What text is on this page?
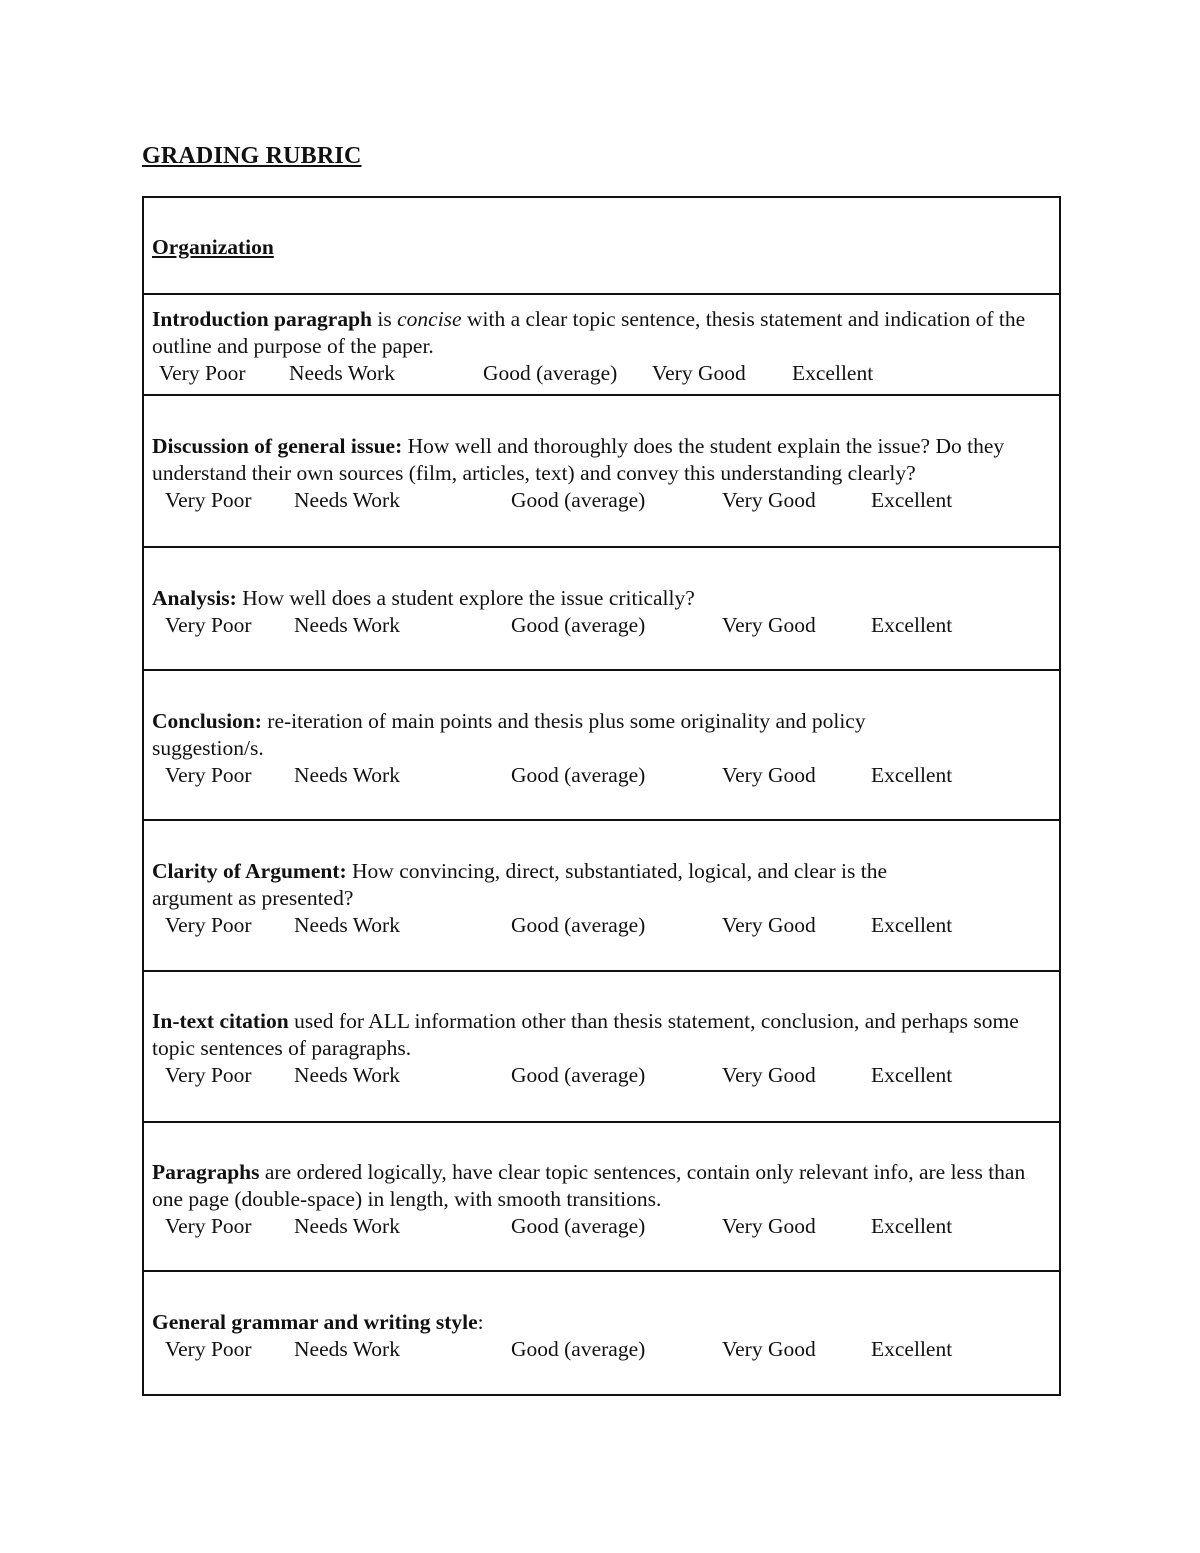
GRADING RUBRIC
Organization
Introduction paragraph is concise with a clear topic sentence, thesis statement and indication of the outline and purpose of the paper.
Very Poor Needs Work	Good (average) Very Good Excellent
Discussion of general issue: How well and thoroughly does the student explain the issue? Do they understand their own sources (film, articles, text) and convey this understanding clearly?
Very Poor Needs Work	Good (average)	Very Good	Excellent
Analysis: How well does a student explore the issue critically?
Very Poor Needs Work	Good (average)	Very Good	Excellent
Conclusion: re-iteration of main points and thesis plus some originality and policy suggestion/s.
Very Poor Needs Work	Good (average)	Very Good	Excellent
Clarity of Argument: How convincing, direct, substantiated, logical, and clear is the argument as presented?
Very Poor Needs Work	Good (average)	Very Good	Excellent
In-text citation used for ALL information other than thesis statement, conclusion, and perhaps some topic sentences of paragraphs.
Very Poor Needs Work	Good (average)	Very Good	Excellent
Paragraphs are ordered logically, have clear topic sentences, contain only relevant info, are less than one page (double-space) in length, with smooth transitions.
Very Poor Needs Work	Good (average)	Very Good	Excellent
General grammar and writing style:
Very Poor Needs Work	Good (average)	Very Good	Excellent
